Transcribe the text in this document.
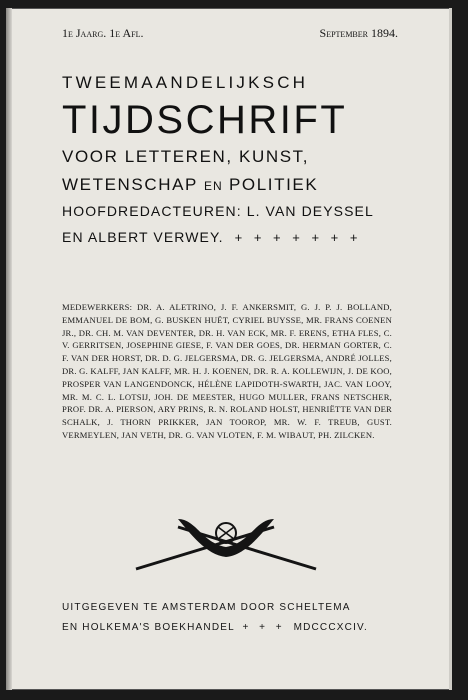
1e Jaarg. 1e Afl.	September 1894.
TWEEMAANDELIJKSCH
TIJDSCHRIFT
VOOR LETTEREN, KUNST,
WETENSCHAP EN POLITIEK
HOOFDREDACTEUREN: L. VAN DEYSSEL
EN ALBERT VERWEY. + + + + + + +
MEDEWERKERS: DR. A. ALETRINO, J. F. ANKERSMIT, G. J. P. J. BOLLAND, EMMANUEL DE BOM, G. BUSKEN HUËT, CYRIEL BUYSSE, MR. FRANS COENEN JR., DR. CH. M. VAN DEVENTER, DR. H. VAN ECK, MR. F. ERENS, ETHA FLES, C. V. GERRITSEN, JOSEPHINE GIESE, F. VAN DER GOES, DR. HERMAN GORTER, C. F. VAN DER HORST, DR. D. G. JELGERSMA, DR. G. JELGERSMA, ANDRÉ JOLLES, DR. G. KALFF, JAN KALFF, MR. H. J. KOENEN, DR. R. A. KOLLEWIJN, J. DE KOO, PROSPER VAN LANGENDONCK, HÉLÈNE LAPIDOTH-SWARTH, JAC. VAN LOOY, MR. M. C. L. LOTSIJ, JOH. DE MEESTER, HUGO MULLER, FRANS NETSCHER, PROF. DR. A. PIERSON, ARY PRINS, R. N. ROLAND HOLST, HENRIËTTE VAN DER SCHALK, J. THORN PRIKKER, JAN TOOROP, MR. W. F. TREUB, GUST. VERMEYLEN, JAN VETH, DR. G. VAN VLOTEN, F. M. WIBAUT, PH. ZILCKEN.
UITGEGEVEN TE AMSTERDAM DOOR SCHELTEMA
EN HOLKEMA'S BOEKHANDEL + + + MDCCCXCIV.
